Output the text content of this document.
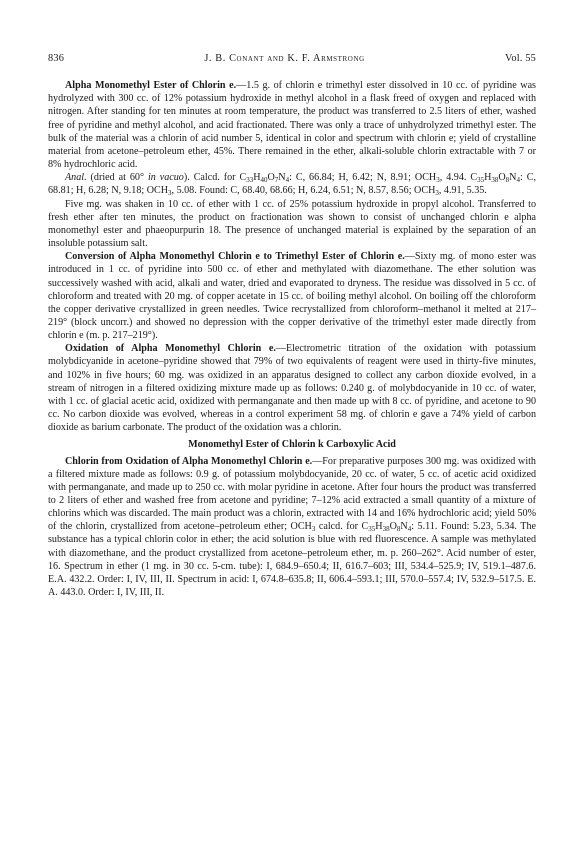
836	J. B. Conant and K. F. Armstrong	Vol. 55

Alpha Monomethyl Ester of Chlorin e.—1.5 g. of chlorin e trimethyl ester dissolved in 10 cc. of pyridine was hydrolyzed with 300 cc. of 12% potassium hydroxide in methyl alcohol in a flask freed of oxygen and replaced with nitrogen. After standing for ten minutes at room temperature, the product was transferred to 2.5 liters of ether, washed free of pyridine and methyl alcohol, and acid fractionated. There was only a trace of unhydrolyzed trimethyl ester. The bulk of the material was a chlorin of acid number 5, identical in color and spectrum with chlorin e; yield of crystalline material from acetone–petroleum ether, 45%. There remained in the ether, alkali-soluble chlorin extractable with 7 or 8% hydrochloric acid.

Anal. (dried at 60° in vacuo). Calcd. for $C_{33}H_{40}O_7N_4$: C, 66.84; H, 6.42; N, 8.91; $OCH_3$, 4.94. $C_{35}H_{38}O_8N_4$: C, 68.81; H, 6.28; N, 9.18; $OCH_3$, 5.08. Found: C, 68.40, 68.66; H, 6.24, 6.51; N, 8.57, 8.56; $OCH_3$, 4.91, 5.35.

Five mg. was shaken in 10 cc. of ether with 1 cc. of 25% potassium hydroxide in propyl alcohol. Transferred to fresh ether after ten minutes, the product on fractionation was shown to consist of unchanged chlorin e alpha monomethyl ester and phaeopurpurin 18. The presence of unchanged material is explained by the separation of an insoluble potassium salt.

Conversion of Alpha Monomethyl Chlorin e to Trimethyl Ester of Chlorin e.—Sixty mg. of mono ester was introduced in 1 cc. of pyridine into 500 cc. of ether and methylated with diazomethane. The ether solution was successively washed with acid, alkali and water, dried and evaporated to dryness. The residue was dissolved in 5 cc. of chloroform and treated with 20 mg. of copper acetate in 15 cc. of boiling methyl alcohol. On boiling off the chloroform the copper derivative crystallized in green needles. Twice recrystallized from chloroform–methanol it melted at 217–219° (block uncorr.) and showed no depression with the copper derivative of the trimethyl ester made directly from chlorin e (m. p. 217–219°).

Oxidation of Alpha Monomethyl Chlorin e.—Electrometric titration of the oxidation with potassium molybdicyanide in acetone–pyridine showed that 79% of two equivalents of reagent were used in thirty-five minutes, and 102% in five hours; 60 mg. was oxidized in an apparatus designed to collect any carbon dioxide evolved, in a stream of nitrogen in a filtered oxidizing mixture made up as follows: 0.240 g. of molybdocyanide in 10 cc. of water, with 1 cc. of glacial acetic acid, oxidized with permanganate and then made up with 8 cc. of pyridine, and acetone to 90 cc. No carbon dioxide was evolved, whereas in a control experiment 58 mg. of chlorin e gave a 74% yield of carbon dioxide as barium carbonate. The product of the oxidation was a chlorin.

Monomethyl Ester of Chlorin k Carboxylic Acid

Chlorin from Oxidation of Alpha Monomethyl Chlorin e.—For preparative purposes 300 mg. was oxidized with a filtered mixture made as follows: 0.9 g. of potassium molybdocyanide, 20 cc. of water, 5 cc. of acetic acid oxidized with permanganate, and made up to 250 cc. with molar pyridine in acetone. After four hours the product was transferred to 2 liters of ether and washed free from acetone and pyridine; 7–12% acid extracted a small quantity of a mixture of chlorins which was discarded. The main product was a chlorin, extracted with 14 and 16% hydrochloric acid; yield 50% of the chlorin, crystallized from acetone–petroleum ether; $OCH_3$ calcd. for $C_{35}H_{38}O_8N_4$: 5.11. Found: 5.23, 5.34. The substance has a typical chlorin color in ether; the acid solution is blue with red fluorescence. A sample was methylated with diazomethane, and the product crystallized from acetone–petroleum ether, m. p. 260–262°. Acid number of ester, 16. Spectrum in ether (1 mg. in 30 cc. 5-cm. tube): I, 684.9–650.4; II, 616.7–603; III, 534.4–525.9; IV, 519.1–487.6. E.A. 432.2. Order: I, IV, III, II. Spectrum in acid: I, 674.8–635.8; II, 606.4–593.1; III, 570.0–557.4; IV, 532.9–517.5. E. A. 443.0. Order: I, IV, III, II.
